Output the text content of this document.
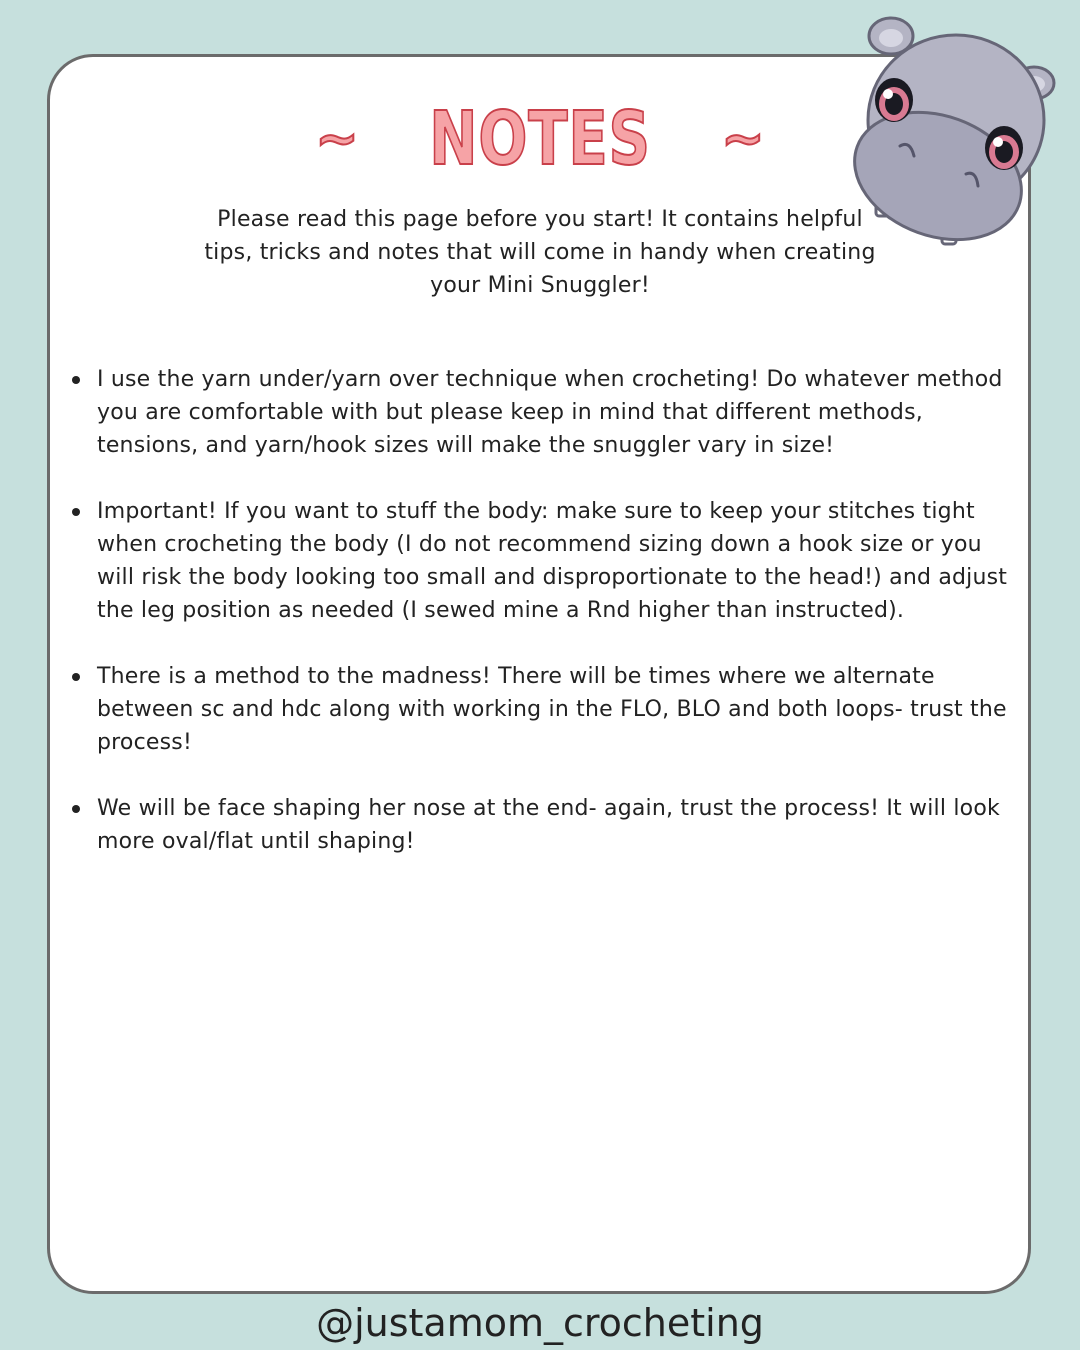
~ NOTES ~

Please read this page before you start! It contains helpful tips, tricks and notes that will come in handy when creating your Mini Snuggler!

I use the yarn under/yarn over technique when crocheting! Do whatever method you are comfortable with but please keep in mind that different methods, tensions, and yarn/hook sizes will make the snuggler vary in size!
Important! If you want to stuff the body: make sure to keep your stitches tight when crocheting the body (I do not recommend sizing down a hook size or you will risk the body looking too small and disproportionate to the head!) and adjust the leg position as needed (I sewed mine a Rnd higher than instructed).
There is a method to the madness! There will be times where we alternate between sc and hdc along with working in the FLO, BLO and both loops- trust the process!
We will be face shaping her nose at the end- again, trust the process! It will look more oval/flat until shaping!
@justamom_crocheting
